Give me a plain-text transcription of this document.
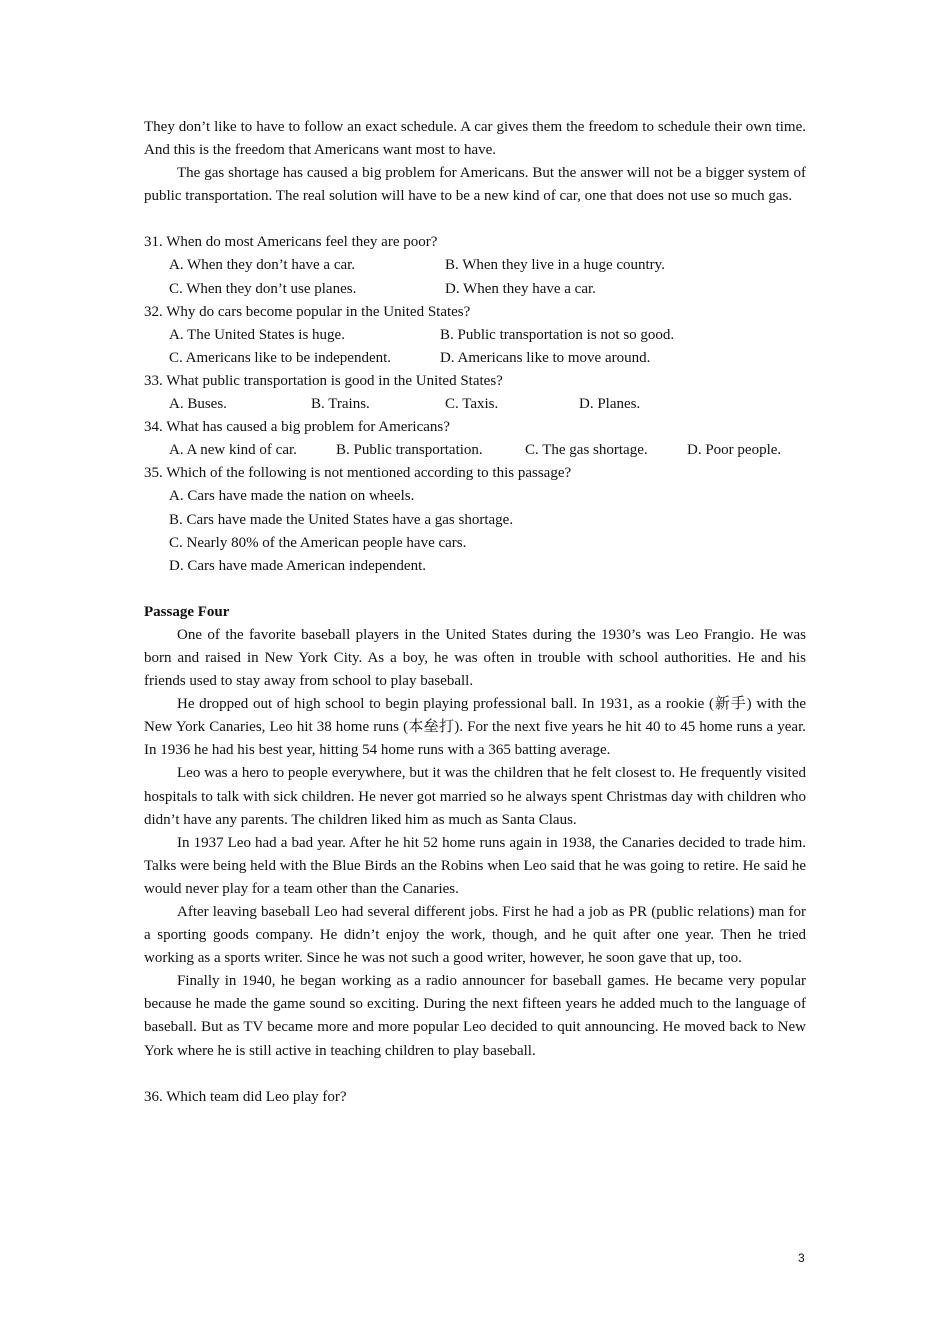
They don’t like to have to follow an exact schedule. A car gives them the freedom to schedule their own time. And this is the freedom that Americans want most to have.

The gas shortage has caused a big problem for Americans. But the answer will not be a bigger system of public transportation. The real solution will have to be a new kind of car, one that does not use so much gas.

31. When do most Americans feel they are poor?

A. When they don’t have a car.	B. When they live in a huge country.
C. When they don’t use planes.	D. When they have a car.

32. Why do cars become popular in the United States?

A. The United States is huge.	B. Public transportation is not so good.
C. Americans like to be independent.	D. Americans like to move around.

33. What public transportation is good in the United States?

A. Buses.	B. Trains.	C. Taxis.	D. Planes.

34. What has caused a big problem for Americans?

A. A new kind of car.	B. Public transportation.	C. The gas shortage.	D. Poor people.

35. Which of the following is not mentioned according to this passage?

A. Cars have made the nation on wheels.
B. Cars have made the United States have a gas shortage.
C. Nearly 80% of the American people have cars.
D. Cars have made American independent.

Passage Four

One of the favorite baseball players in the United States during the 1930’s was Leo Frangio. He was born and raised in New York City. As a boy, he was often in trouble with school authorities. He and his friends used to stay away from school to play baseball.

He dropped out of high school to begin playing professional ball. In 1931, as a rookie (新手) with the New York Canaries, Leo hit 38 home runs (本垒打). For the next five years he hit 40 to 45 home runs a year. In 1936 he had his best year, hitting 54 home runs with a 365 batting average.

Leo was a hero to people everywhere, but it was the children that he felt closest to. He frequently visited hospitals to talk with sick children. He never got married so he always spent Christmas day with children who didn’t have any parents. The children liked him as much as Santa Claus.

In 1937 Leo had a bad year. After he hit 52 home runs again in 1938, the Canaries decided to trade him. Talks were being held with the Blue Birds an the Robins when Leo said that he was going to retire. He said he would never play for a team other than the Canaries.

After leaving baseball Leo had several different jobs. First he had a job as PR (public relations) man for a sporting goods company. He didn’t enjoy the work, though, and he quit after one year. Then he tried working as a sports writer. Since he was not such a good writer, however, he soon gave that up, too.

Finally in 1940, he began working as a radio announcer for baseball games. He became very popular because he made the game sound so exciting. During the next fifteen years he added much to the language of baseball. But as TV became more and more popular Leo decided to quit announcing. He moved back to New York where he is still active in teaching children to play baseball.

36. Which team did Leo play for?

3
